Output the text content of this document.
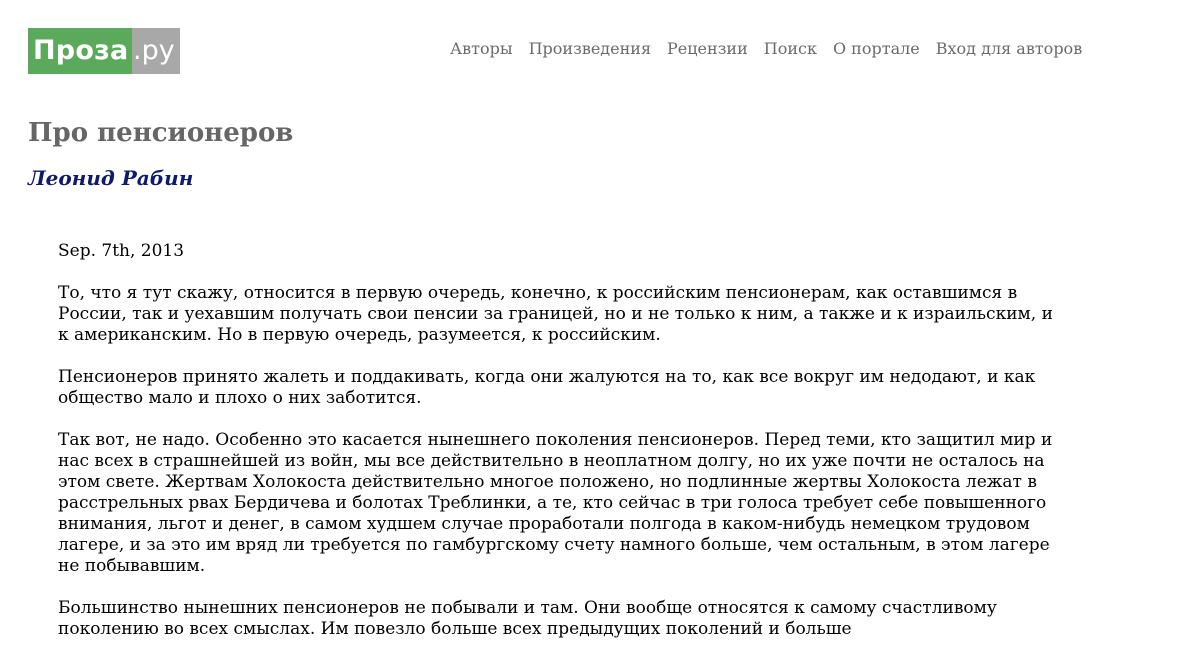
Проза .ру	Авторы Произведения Рецензии Поиск О портале Вход для авторов
Про пенсионеров
Леонид Рабин

Sep. 7th, 2013

То, что я тут скажу, относится в первую очередь, конечно, к российским пенсионерам, как оставшимся в России, так и уехавшим получать свои пенсии за границей, но и не только к ним, а также и к израильским, и к американским. Но в первую очередь, разумеется, к российским.

Пенсионеров принято жалеть и поддакивать, когда они жалуются на то, как все вокруг им недодают, и как общество мало и плохо о них заботится.

Так вот, не надо. Особенно это касается нынешнего поколения пенсионеров. Перед теми, кто защитил мир и нас всех в страшнейшей из войн, мы все действительно в неоплатном долгу, но их уже почти не осталось на этом свете. Жертвам Холокоста действительно многое положено, но подлинные жертвы Холокоста лежат в расстрельных рвах Бердичева и болотах Треблинки, а те, кто сейчас в три голоса требует себе повышенного внимания, льгот и денег, в самом худшем случае проработали полгода в каком-нибудь немецком трудовом лагере, и за это им вряд ли требуется по гамбургскому счету намного больше, чем остальным, в этом лагере не побывавшим.

Большинство нынешних пенсионеров не побывали и там. Они вообще относятся к самому счастливому поколению во всех смыслах. Им повезло больше всех предыдущих поколений и больше
